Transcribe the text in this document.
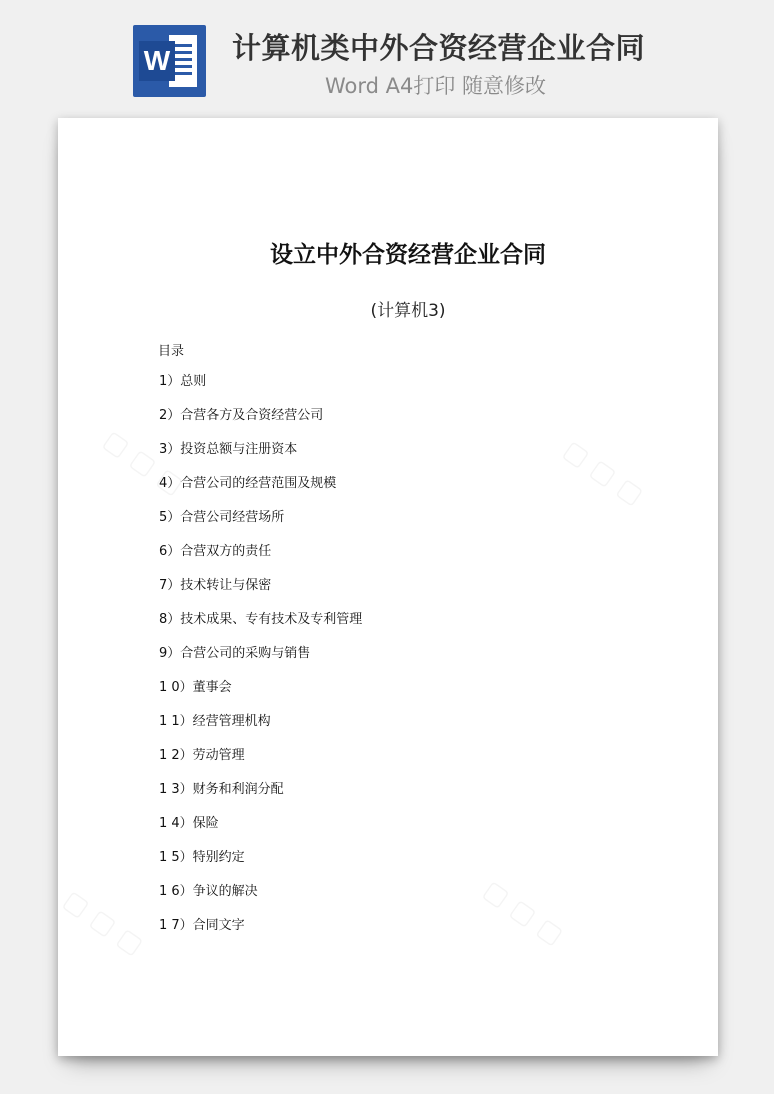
W 计算机类中外合资经营企业合同
Word A4打印 随意修改
设立中外合资经营企业合同
(计算机3)
目录
1）总则
2）合营各方及合资经营公司
3）投资总额与注册资本
4）合营公司的经营范围及规模
5）合营公司经营场所
6）合营双方的责任
7）技术转让与保密
8）技术成果、专有技术及专利管理
9）合营公司的采购与销售
1 0）董事会
1 1）经营管理机构
1 2）劳动管理
1 3）财务和利润分配
1 4）保险
1 5）特别约定
1 6）争议的解决
1 7）合同文字
